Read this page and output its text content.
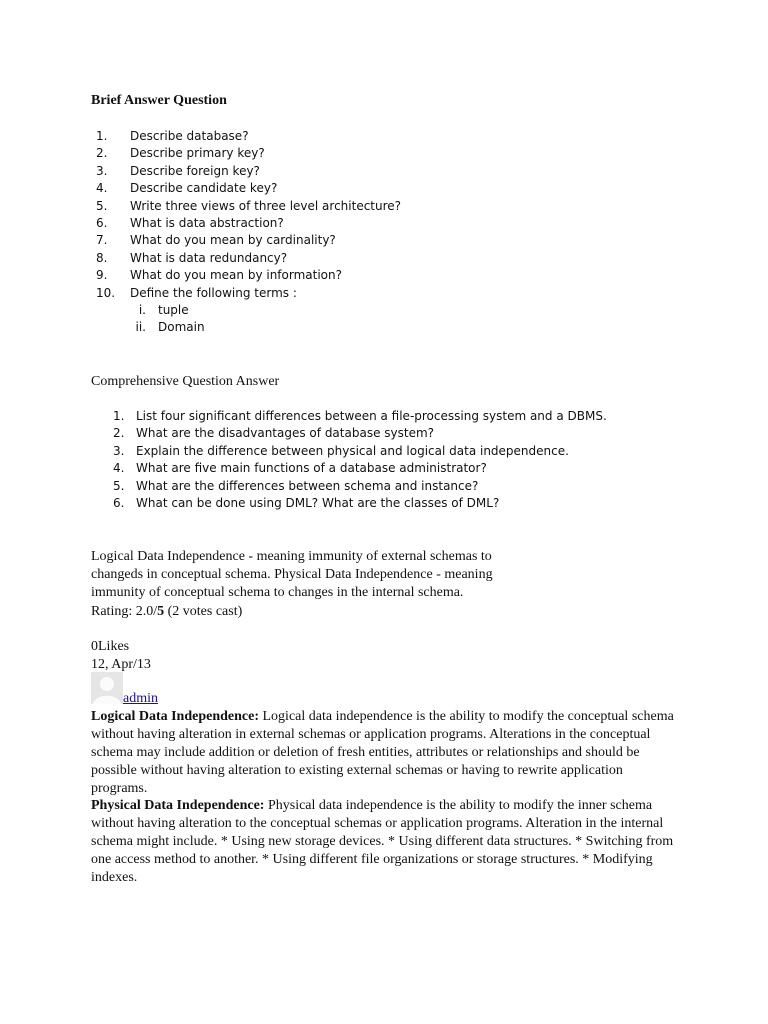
Brief Answer Question
1.	Describe database?
2.	Describe primary key?
3.	Describe foreign key?
4.	Describe candidate key?
5.	Write three views of three level architecture?
6.	What is data abstraction?
7.	What do you mean by cardinality?
8.	What is data redundancy?
9.	What do you mean by information?
10.	Define the following terms :
i. tuple
ii. Domain
Comprehensive Question Answer
1. List four significant differences between a file-processing system and a DBMS.
2. What are the disadvantages of database system?
3. Explain the difference between physical and logical data independence.
4. What are five main functions of a database administrator?
5. What are the differences between schema and instance?
6. What can be done using DML? What are the classes of DML?
Logical Data Independence - meaning immunity of external schemas to changeds in conceptual schema. Physical Data Independence - meaning immunity of conceptual schema to changes in the internal schema.
Rating: 2.0/5 (2 votes cast)
0Likes
12, Apr/13
admin
Logical Data Independence: Logical data independence is the ability to modify the conceptual schema without having alteration in external schemas or application programs. Alterations in the conceptual schema may include addition or deletion of fresh entities, attributes or relationships and should be possible without having alteration to existing external schemas or having to rewrite application programs.
Physical Data Independence: Physical data independence is the ability to modify the inner schema without having alteration to the conceptual schemas or application programs. Alteration in the internal schema might include. * Using new storage devices. * Using different data structures. * Switching from one access method to another. * Using different file organizations or storage structures. * Modifying indexes.
